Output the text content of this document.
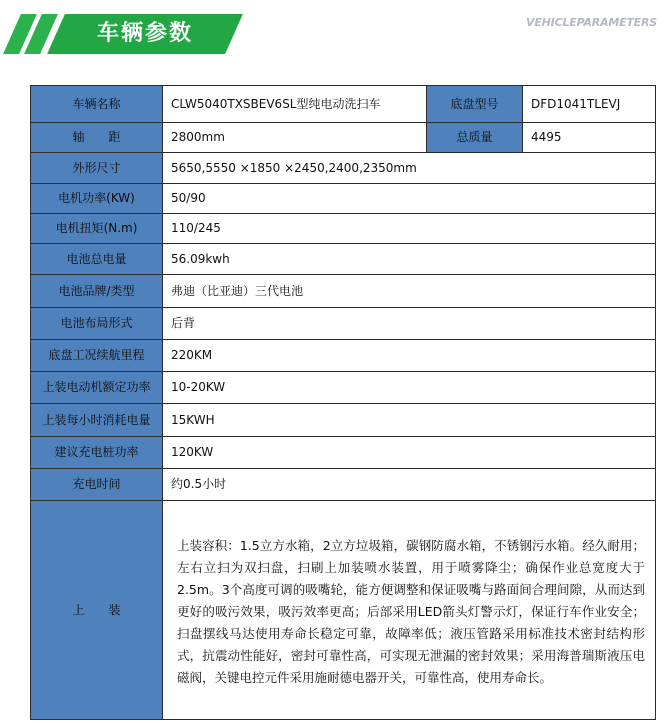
车辆参数	VEHICLEPARAMETERS
车辆名称	CLW5040TXSBEV6SL型纯电动洗扫车	底盘型号	DFD1041TLEVJ
轴　　距	2800mm	总质量	4495
外形尺寸	5650,5550 ×1850 ×2450,2400,2350mm		
电机功率(KW)	50/90		
电机扭矩(N.m)	110/245		
电池总电量	56.09kwh		
电池品牌/类型	弗迪（比亚迪）三代电池		
电池布局形式	后背		
底盘工况续航里程	220KM		
上装电动机额定功率	10-20KW		
上装每小时消耗电量	15KWH		
建议充电桩功率	120KW		
充电时间	约0.5小时		
上　　装	上装容积：1.5立方水箱，2立方垃圾箱，碳钢防腐水箱，不锈钢污水箱。经久耐用；左右立扫为双扫盘，扫刷上加装喷水装置，用于喷雾降尘；确保作业总宽度大于2.5m。3个高度可调的吸嘴轮，能方便调整和保证吸嘴与路面间合理间隙，从而达到更好的吸污效果，吸污效率更高；后部采用LED箭头灯警示灯，保证行车作业安全；扫盘摆线马达使用寿命长稳定可靠，故障率低；液压管路采用标准技术密封结构形式，抗震动性能好，密封可靠性高，可实现无泄漏的密封效果；采用海普瑞斯液压电磁阀，关键电控元件采用施耐德电器开关，可靠性高，使用寿命长。		
